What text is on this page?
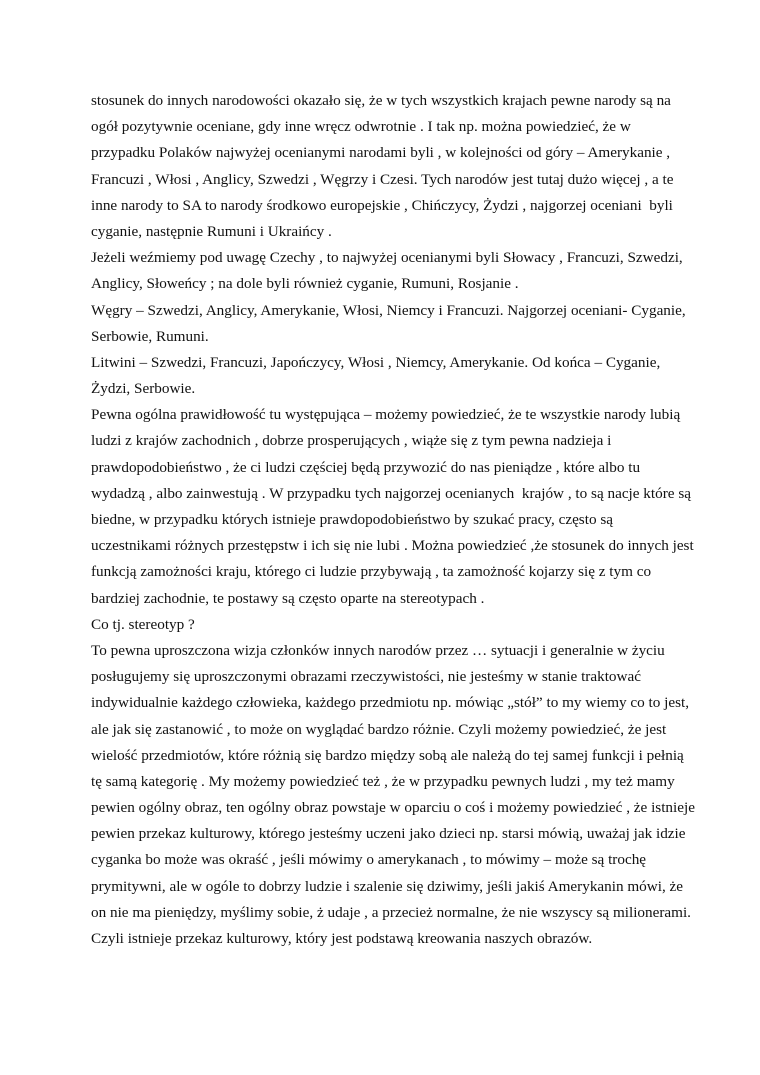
stosunek do innych narodowości okazało się, że w tych wszystkich krajach pewne narody są na
ogół pozytywnie oceniane, gdy inne wręcz odwrotnie . I tak np. można powiedzieć, że w
przypadku Polaków najwyżej ocenianymi narodami byli , w kolejności od góry – Amerykanie ,
Francuzi , Włosi , Anglicy, Szwedzi , Węgrzy i Czesi. Tych narodów jest tutaj dużo więcej , a te
inne narody to SA to narody środkowo europejskie , Chińczycy, Żydzi , najgorzej oceniani  byli
cyganie, następnie Rumuni i Ukraińcy .
Jeżeli weźmiemy pod uwagę Czechy , to najwyżej ocenianymi byli Słowacy , Francuzi, Szwedzi,
Anglicy, Słoweńcy ; na dole byli również cyganie, Rumuni, Rosjanie .
Węgry – Szwedzi, Anglicy, Amerykanie, Włosi, Niemcy i Francuzi. Najgorzej oceniani- Cyganie,
Serbowie, Rumuni.
Litwini – Szwedzi, Francuzi, Japończycy, Włosi , Niemcy, Amerykanie. Od końca – Cyganie,
Żydzi, Serbowie.
Pewna ogólna prawidłowość tu występująca – możemy powiedzieć, że te wszystkie narody lubią
ludzi z krajów zachodnich , dobrze prosperujących , wiąże się z tym pewna nadzieja i
prawdopodobieństwo , że ci ludzi częściej będą przywozić do nas pieniądze , które albo tu
wydadzą , albo zainwestują . W przypadku tych najgorzej ocenianych  krajów , to są nacje które są
biedne, w przypadku których istnieje prawdopodobieństwo by szukać pracy, często są
uczestnikami różnych przestępstw i ich się nie lubi . Można powiedzieć ,że stosunek do innych jest
funkcją zamożności kraju, którego ci ludzie przybywają , ta zamożność kojarzy się z tym co
bardziej zachodnie, te postawy są często oparte na stereotypach .
Co tj. stereotyp ?
To pewna uproszczona wizja członków innych narodów przez … sytuacji i generalnie w życiu
posługujemy się uproszczonymi obrazami rzeczywistości, nie jesteśmy w stanie traktować
indywidualnie każdego człowieka, każdego przedmiotu np. mówiąc „stół” to my wiemy co to jest,
ale jak się zastanowić , to może on wyglądać bardzo różnie. Czyli możemy powiedzieć, że jest
wielość przedmiotów, które różnią się bardzo między sobą ale należą do tej samej funkcji i pełnią
tę samą kategorię . My możemy powiedzieć też , że w przypadku pewnych ludzi , my też mamy
pewien ogólny obraz, ten ogólny obraz powstaje w oparciu o coś i możemy powiedzieć , że istnieje
pewien przekaz kulturowy, którego jesteśmy uczeni jako dzieci np. starsi mówią, uważaj jak idzie
cyganka bo może was okraść , jeśli mówimy o amerykanach , to mówimy – może są trochę
prymitywni, ale w ogóle to dobrzy ludzie i szalenie się dziwimy, jeśli jakiś Amerykanin mówi, że
on nie ma pieniędzy, myślimy sobie, ż udaje , a przecież normalne, że nie wszyscy są milionerami.
Czyli istnieje przekaz kulturowy, który jest podstawą kreowania naszych obrazów.
